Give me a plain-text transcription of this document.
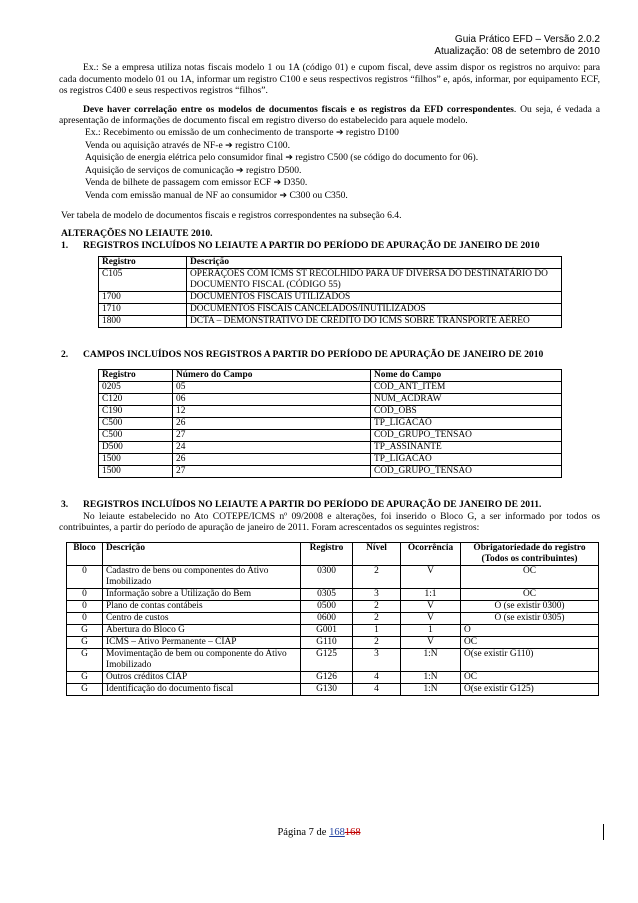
Guia Prático EFD – Versão 2.0.2
Atualização: 08 de setembro de 2010

Ex.: Se a empresa utiliza notas fiscais modelo 1 ou 1A (código 01) e cupom fiscal, deve assim dispor os registros no arquivo: para cada documento modelo 01 ou 1A, informar um registro C100 e seus respectivos registros “filhos” e, após, informar, por equipamento ECF, os registros C400 e seus respectivos registros “filhos”.

Deve haver correlação entre os modelos de documentos fiscais e os registros da EFD correspondentes. Ou seja, é vedada a apresentação de informações de documento fiscal em registro diverso do estabelecido para aquele modelo.

Ex.: Recebimento ou emissão de um conhecimento de transporte ➔ registro D100
Venda ou aquisição através de NF-e ➔ registro C100.
Aquisição de energia elétrica pelo consumidor final ➔ registro C500 (se código do documento for 06).
Aquisição de serviços de comunicação ➔ registro D500.
Venda de bilhete de passagem com emissor ECF ➔ D350.
Venda com emissão manual de NF ao consumidor ➔ C300 ou C350.

Ver tabela de modelo de documentos fiscais e registros correspondentes na subseção 6.4.

ALTERAÇÕES NO LEIAUTE 2010.

1. REGISTROS INCLUÍDOS NO LEIAUTE A PARTIR DO PERÍODO DE APURAÇÃO DE JANEIRO DE 2010

Registro	Descrição
C105	OPERAÇÕES COM ICMS ST RECOLHIDO PARA UF DIVERSA DO DESTINATÁRIO DO DOCUMENTO FISCAL (CÓDIGO 55)
1700	DOCUMENTOS FISCAIS UTILIZADOS
1710	DOCUMENTOS FISCAIS CANCELADOS/INUTILIZADOS
1800	DCTA – DEMONSTRATIVO DE CRÉDITO DO ICMS SOBRE TRANSPORTE AÉREO
2. CAMPOS INCLUÍDOS NOS REGISTROS A PARTIR DO PERÍODO DE APURAÇÃO DE JANEIRO DE 2010

Registro	Número do Campo	Nome do Campo
0205	05	COD_ANT_ITEM
C120	06	NUM_ACDRAW
C190	12	COD_OBS
C500	26	TP_LIGACAO
C500	27	COD_GRUPO_TENSAO
D500	24	TP_ASSINANTE
1500	26	TP_LIGACAO
1500	27	COD_GRUPO_TENSAO
3. REGISTROS INCLUÍDOS NO LEIAUTE A PARTIR DO PERÍODO DE APURAÇÃO DE JANEIRO DE 2011.

No leiaute estabelecido no Ato COTEPE/ICMS nº 09/2008 e alterações, foi inserido o Bloco G, a ser informado por todos os contribuintes, a partir do período de apuração de janeiro de 2011. Foram acrescentados os seguintes registros:

Bloco	Descrição	Registro	Nível	Ocorrência	Obrigatoriedade do registro (Todos os contribuintes)
0	Cadastro de bens ou componentes do Ativo Imobilizado	0300	2	V	OC
0	Informação sobre a Utilização do Bem	0305	3	1:1	OC
0	Plano de contas contábeis	0500	2	V	O (se existir 0300)
0	Centro de custos	0600	2	V	O (se existir 0305)
G	Abertura do Bloco G	G001	1	1	O
G	ICMS – Ativo Permanente – CIAP	G110	2	V	OC
G	Movimentação de bem ou componente do Ativo Imobilizado	G125	3	1:N	O(se existir G110)
G	Outros créditos CIAP	G126	4	1:N	OC
G	Identificação do documento fiscal	G130	4	1:N	O(se existir G125)
Página 7 de 168168
